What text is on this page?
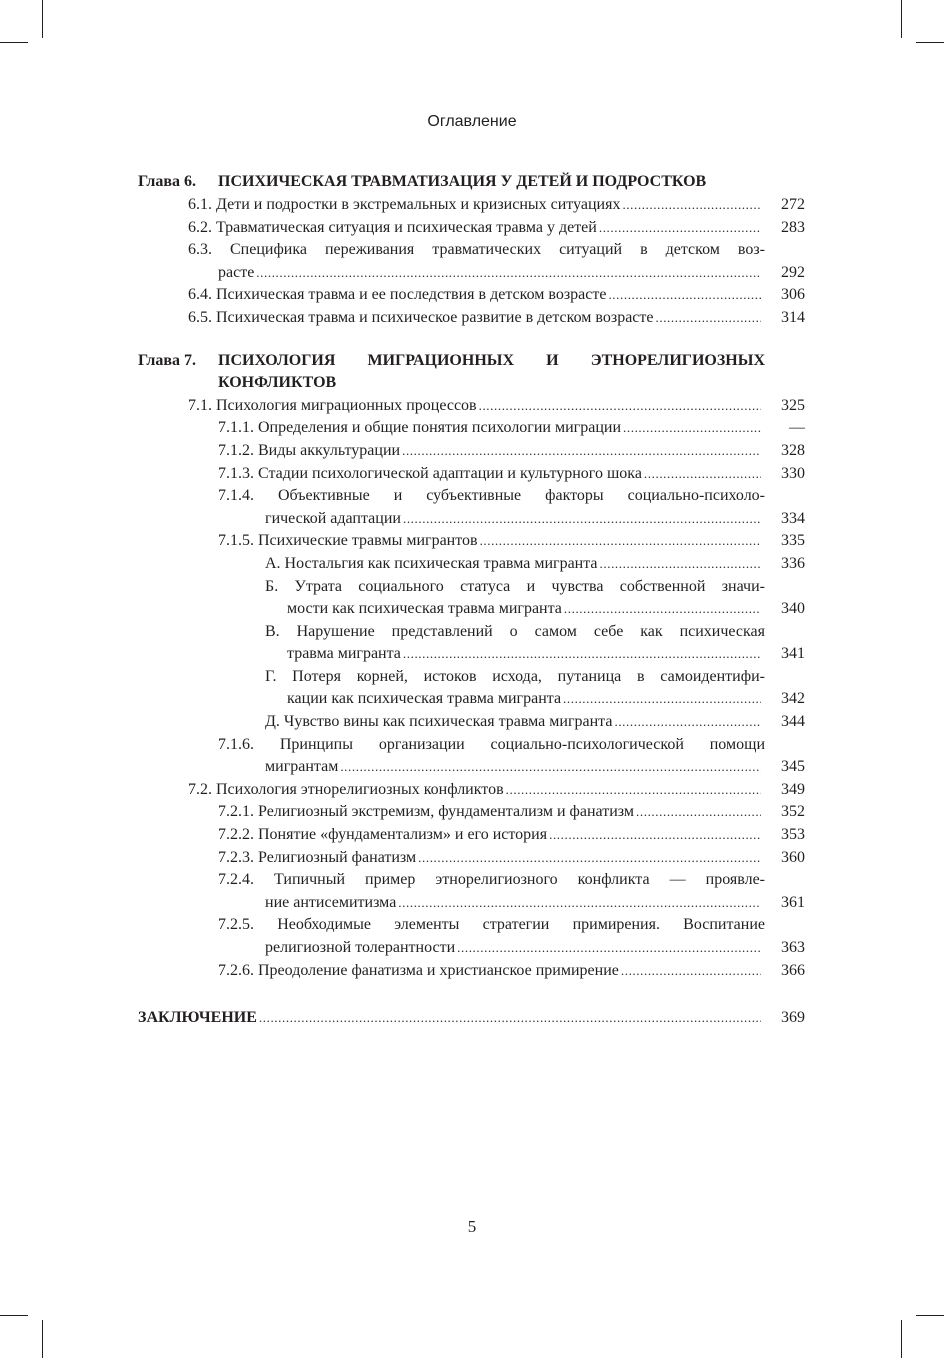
Оглавление
Глава 6.	ПСИХИЧЕСКАЯ ТРАВМАТИЗАЦИЯ У ДЕТЕЙ И ПОДРОСТКОВ
6.1. Дети и подростки в экстремальных и кризисных ситуациях .....	272
6.2. Травматическая ситуация и психическая травма у детей .....	283
6.3. Специфика переживания травматических ситуаций в детском воз-
расте .....	292
6.4. Психическая травма и ее последствия в детском возрасте .....	306
6.5. Психическая травма и психическое развитие в детском возрасте .....	314
Глава 7.	ПСИХОЛОГИЯ МИГРАЦИОННЫХ И ЭТНОРЕЛИГИОЗНЫХ
КОНФЛИКТОВ
7.1. Психология миграционных процессов .....	325
7.1.1. Определения и общие понятия психологии миграции .....	—
7.1.2. Виды аккультурации .....	328
7.1.3. Стадии психологической адаптации и культурного шока .....	330
7.1.4. Объективные и субъективные факторы социально-психоло-
гической адаптации .....	334
7.1.5. Психические травмы мигрантов .....	335
А. Ностальгия как психическая травма мигранта .....	336
Б. Утрата социального статуса и чувства собственной значи-
мости как психическая травма мигранта .....	340
В. Нарушение представлений о самом себе как психическая
травма мигранта .....	341
Г. Потеря корней, истоков исхода, путаница в самоидентифи-
кации как психическая травма мигранта .....	342
Д. Чувство вины как психическая травма мигранта .....	344
7.1.6. Принципы организации социально-психологической помощи
мигрантам .....	345
7.2. Психология этнорелигиозных конфликтов .....	349
7.2.1. Религиозный экстремизм, фундаментализм и фанатизм .....	352
7.2.2. Понятие «фундаментализм» и его история .....	353
7.2.3. Религиозный фанатизм .....	360
7.2.4. Типичный пример этнорелигиозного конфликта — проявле-
ние антисемитизма .....	361
7.2.5. Необходимые элементы стратегии примирения. Воспитание
религиозной толерантности .....	363
7.2.6. Преодоление фанатизма и христианское примирение .....	366
ЗАКЛЮЧЕНИЕ .....	369
5
